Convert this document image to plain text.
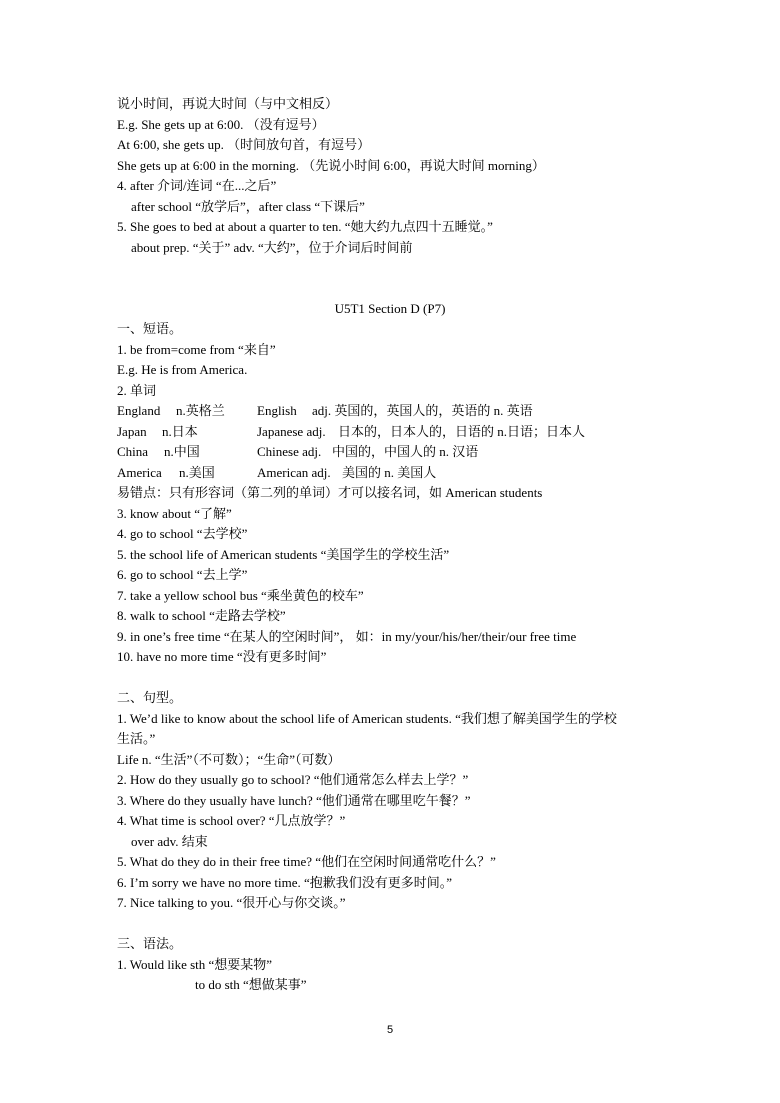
说小时间，再说大时间（与中文相反）
E.g. She gets up at 6:00. （没有逗号）
At 6:00, she gets up. （时间放句首，有逗号）
She gets up at 6:00 in the morning. （先说小时间 6:00，再说大时间 morning）
4. after 介词/连词 “在...之后”
after school “放学后”，after class “下课后”
5. She goes to bed at about a quarter to ten. “她大约九点四十五睡觉。”
about prep. “关于” adv. “大约”，位于介词后时间前
U5T1 Section D (P7)
一、短语。
1. be from=come from “来自”
E.g. He is from America.
2. 单词
England n.英格兰 English adj. 英国的，英国人的，英语的 n. 英语
Japan n.日本	Japanese adj. 日本的，日本人的，日语的 n.日语；日本人
China n.中国	Chinese adj. 中国的，中国人的 n. 汉语
America n.美国	American adj. 美国的 n. 美国人
易错点：只有形容词（第二列的单词）才可以接名词，如 American students
3. know about “了解”
4. go to school “去学校”
5. the school life of American students “美国学生的学校生活”
6. go to school “去上学”
7. take a yellow school bus “乘坐黄色的校车”
8. walk to school “走路去学校”
9. in one’s free time “在某人的空闲时间”， 如：in my/your/his/her/their/our free time
10. have no more time “没有更多时间”
二、句型。
1. We’d like to know about the school life of American students. “我们想了解美国学生的学校
生活。”
Life n. “生活”（不可数）；“生命”（可数）
2. How do they usually go to school? “他们通常怎么样去上学？”
3. Where do they usually have lunch? “他们通常在哪里吃午餐？”
4. What time is school over? “几点放学？”
over adv. 结束
5. What do they do in their free time? “他们在空闲时间通常吃什么？”
6. I’m sorry we have no more time. “抱歉我们没有更多时间。”
7. Nice talking to you. “很开心与你交谈。”
三、语法。
1. Would like sth “想要某物”
to do sth “想做某事”
5
